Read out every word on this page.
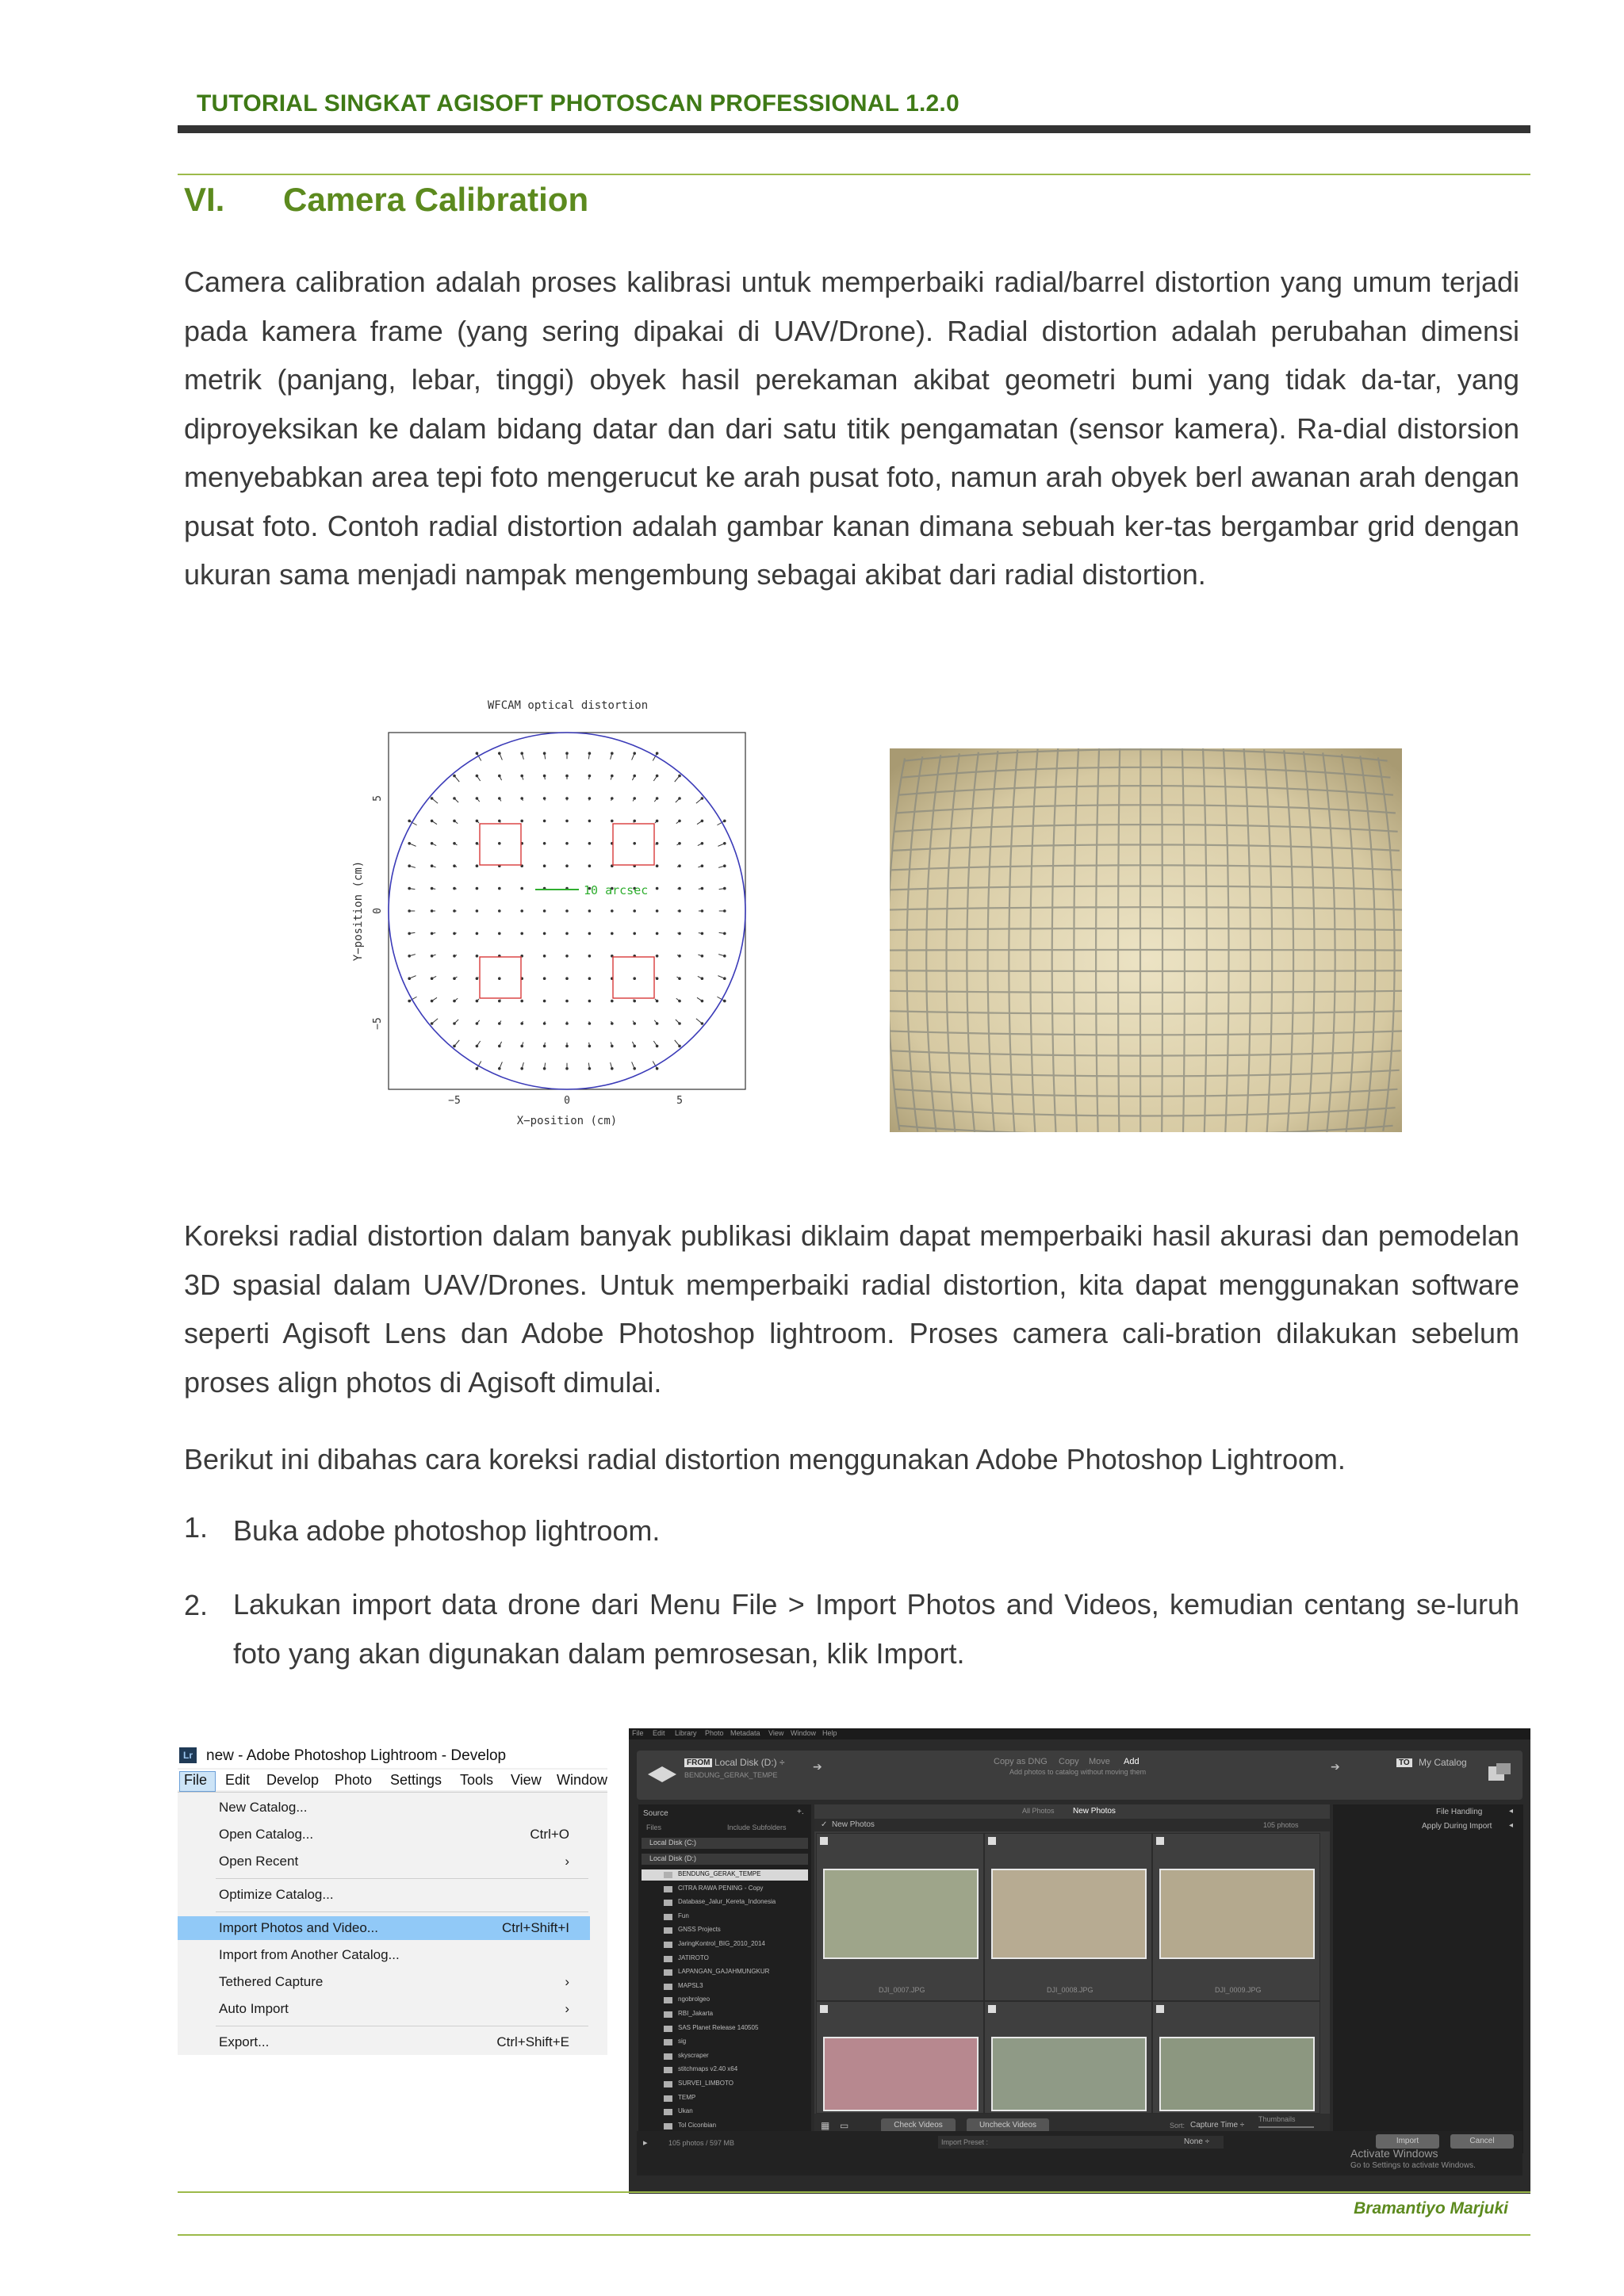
TUTORIAL SINGKAT AGISOFT PHOTOSCAN PROFESSIONAL 1.2.0
VI. Camera Calibration
Camera calibration adalah proses kalibrasi untuk memperbaiki radial/barrel distortion yang umum terjadi pada kamera frame (yang sering dipakai di UAV/Drone). Radial distortion adalah perubahan dimensi metrik (panjang, lebar, tinggi) obyek hasil perekaman akibat geometri bumi yang tidak da-tar, yang diproyeksikan ke dalam bidang datar dan dari satu titik pengamatan (sensor kamera). Ra-dial distorsion menyebabkan area tepi foto mengerucut ke arah pusat foto, namun arah obyek berl awanan arah dengan pusat foto. Contoh radial distortion adalah gambar kanan dimana sebuah ker-tas bergambar grid dengan ukuran sama menjadi nampak mengembung sebagai akibat dari radial distortion.
WFCAM optical distortion
10 arcsec
−5	0	5
X−position (cm)
5
0
−5
Y−position (cm)
Koreksi radial distortion dalam banyak publikasi diklaim dapat memperbaiki hasil akurasi dan pemodelan 3D spasial dalam UAV/Drones. Untuk memperbaiki radial distortion, kita dapat menggunakan software seperti Agisoft Lens dan Adobe Photoshop lightroom. Proses camera cali-bration dilakukan sebelum proses align photos di Agisoft dimulai.
Berikut ini dibahas cara koreksi radial distortion menggunakan Adobe Photoshop Lightroom.
1. Buka adobe photoshop lightroom.
2. Lakukan import data drone dari Menu File > Import Photos and Videos, kemudian centang se-luruh foto yang akan digunakan dalam pemrosesan, klik Import.
Lr new - Adobe Photoshop Lightroom - Develop
File Edit Develop Photo Settings Tools View Window
New Catalog...
Open Catalog...	Ctrl+O
Open Recent	›
Optimize Catalog...
Import Photos and Video...	Ctrl+Shift+I
Import from Another Catalog...
Tethered Capture	›
Auto Import	›
Export...	Ctrl+Shift+E
File Edit Library Photo Metadata View Window Help
FROM Local Disk (D:) ÷
BENDUNG_GERAK_TEMPE
➔	Copy as DNG Copy Move Add
Add photos to catalog without moving them	➔	TO My Catalog
Source	+.
Files	Include Subfolders
Local Disk (C:)
Local Disk (D:)
BENDUNG_GERAK_TEMPE
CITRA RAWA PENING - Copy
Database_Jalur_Kereta_Indonesia
Fun
GNSS Projects
JaringKontrol_BIG_2010_2014
JATIROTO
LAPANGAN_GAJAHMUNGKUR
MAPSL3
ngobrolgeo
RBI_Jakarta
SAS Planet Release 140505
sig
skyscraper
stitchmaps v2.40 x64
SURVEI_LIMBOTO
TEMP
Ukan
Tol Ciconbian
All Photos New Photos
✓ New Photos	105 photos
DJI_0007.JPG	DJI_0008.JPG	DJI_0009.JPG
▦ ▭	Check Videos	Uncheck Videos	Sort: Capture Time ÷
Thumbnails
File Handling	◂
Apply During Import ◂
▸	105 photos / 597 MB	Import Preset :	None ÷	Import	Cancel
Activate Windows
Go to Settings to activate Windows.
Bramantiyo Marjuki
